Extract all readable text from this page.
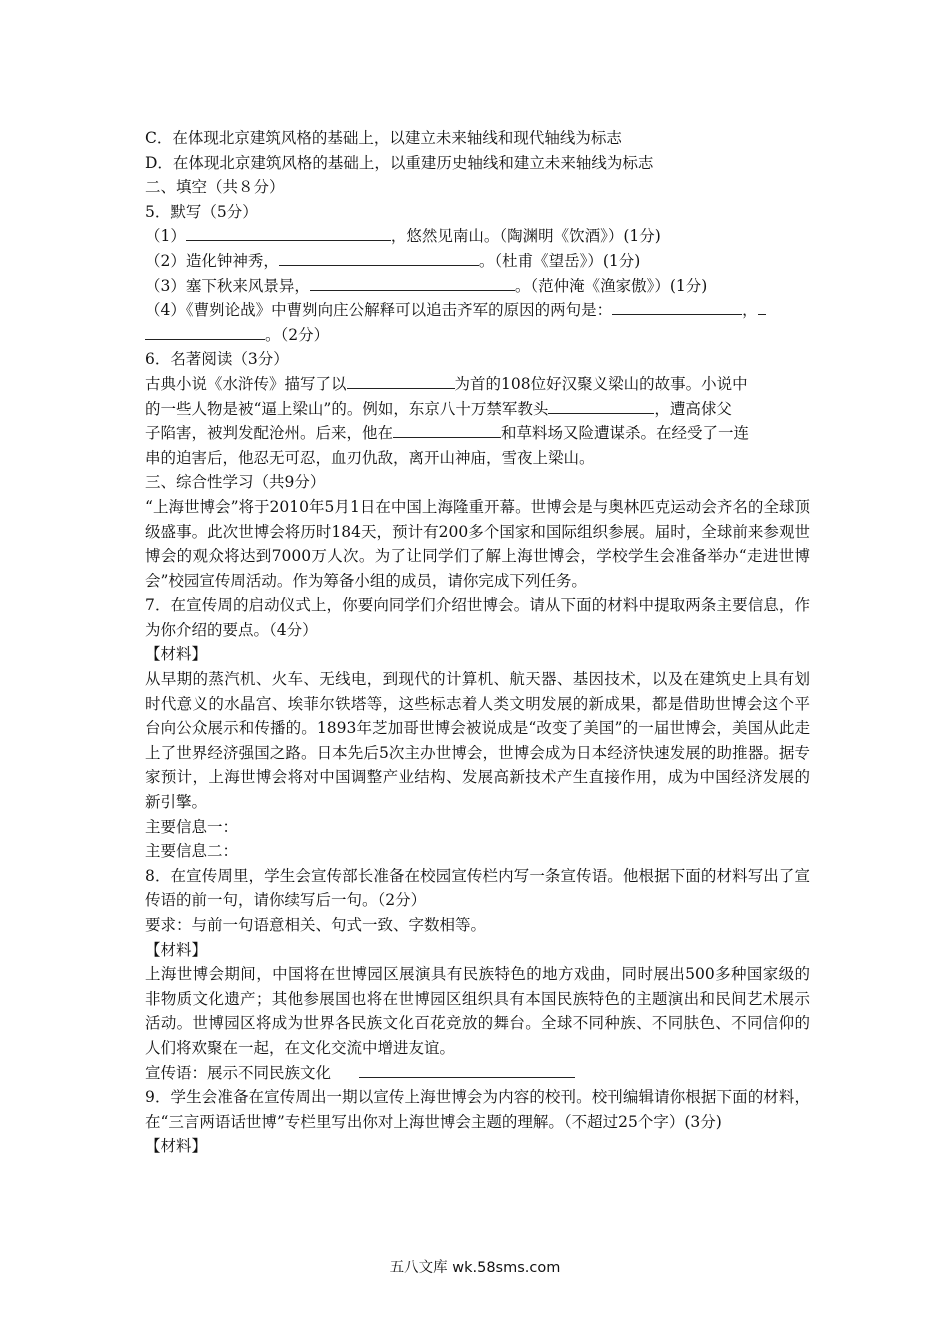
C．在体现北京建筑风格的基础上，以建立未来轴线和现代轴线为标志
D．在体现北京建筑风格的基础上，以重建历史轴线和建立未来轴线为标志
二、填空（共８分）
5．默写（5分）
（1）	，悠然见南山。（陶渊明《饮酒》）(1分)
（2）造化钟神秀，	。（杜甫《望岳》）(1分)
（3）塞下秋来风景异，	。（范仲淹《渔家傲》）(1分)
（4）《曹刿论战》中曹刿向庄公解释可以追击齐军的原因的两句是：	，
。（2分）
6．名著阅读（3分）
古典小说《水浒传》描写了以	为首的108位好汉聚义梁山的故事。小说中
的一些人物是被“逼上梁山”的。例如，东京八十万禁军教头	，遭高俅父
子陷害，被判发配沧州。后来，他在	和草料场又险遭谋杀。在经受了一连
串的迫害后，他忍无可忍，血刃仇敌，离开山神庙，雪夜上梁山。
三、综合性学习（共9分）
“上海世博会”将于2010年5月1日在中国上海隆重开幕。世博会是与奥林匹克运动会齐名的全球顶级盛事。此次世博会将历时184天，预计有200多个国家和国际组织参展。届时，全球前来参观世博会的观众将达到7000万人次。为了让同学们了解上海世博会，学校学生会准备举办“走进世博会”校园宣传周活动。作为筹备小组的成员，请你完成下列任务。
7．在宣传周的启动仪式上，你要向同学们介绍世博会。请从下面的材料中提取两条主要信息，作为你介绍的要点。（4分）
【材料】
从早期的蒸汽机、火车、无线电，到现代的计算机、航天器、基因技术，以及在建筑史上具有划时代意义的水晶宫、埃菲尔铁塔等，这些标志着人类文明发展的新成果，都是借助世博会这个平台向公众展示和传播的。1893年芝加哥世博会被说成是“改变了美国”的一届世博会，美国从此走上了世界经济强国之路。日本先后5次主办世博会，世博会成为日本经济快速发展的助推器。据专家预计，上海世博会将对中国调整产业结构、发展高新技术产生直接作用，成为中国经济发展的新引擎。
主要信息一：
主要信息二：
8．在宣传周里，学生会宣传部长准备在校园宣传栏内写一条宣传语。他根据下面的材料写出了宣传语的前一句，请你续写后一句。（2分）
要求：与前一句语意相关、句式一致、字数相等。
【材料】
上海世博会期间，中国将在世博园区展演具有民族特色的地方戏曲，同时展出500多种国家级的非物质文化遗产；其他参展国也将在世博园区组织具有本国民族特色的主题演出和民间艺术展示活动。世博园区将成为世界各民族文化百花竞放的舞台。全球不同种族、不同肤色、不同信仰的人们将欢聚在一起，在文化交流中增进友谊。
宣传语：展示不同民族文化
9．学生会准备在宣传周出一期以宣传上海世博会为内容的校刊。校刊编辑请你根据下面的材料，在“三言两语话世博”专栏里写出你对上海世博会主题的理解。（不超过25个字）(3分)
【材料】
五八文库 wk.58sms.com
